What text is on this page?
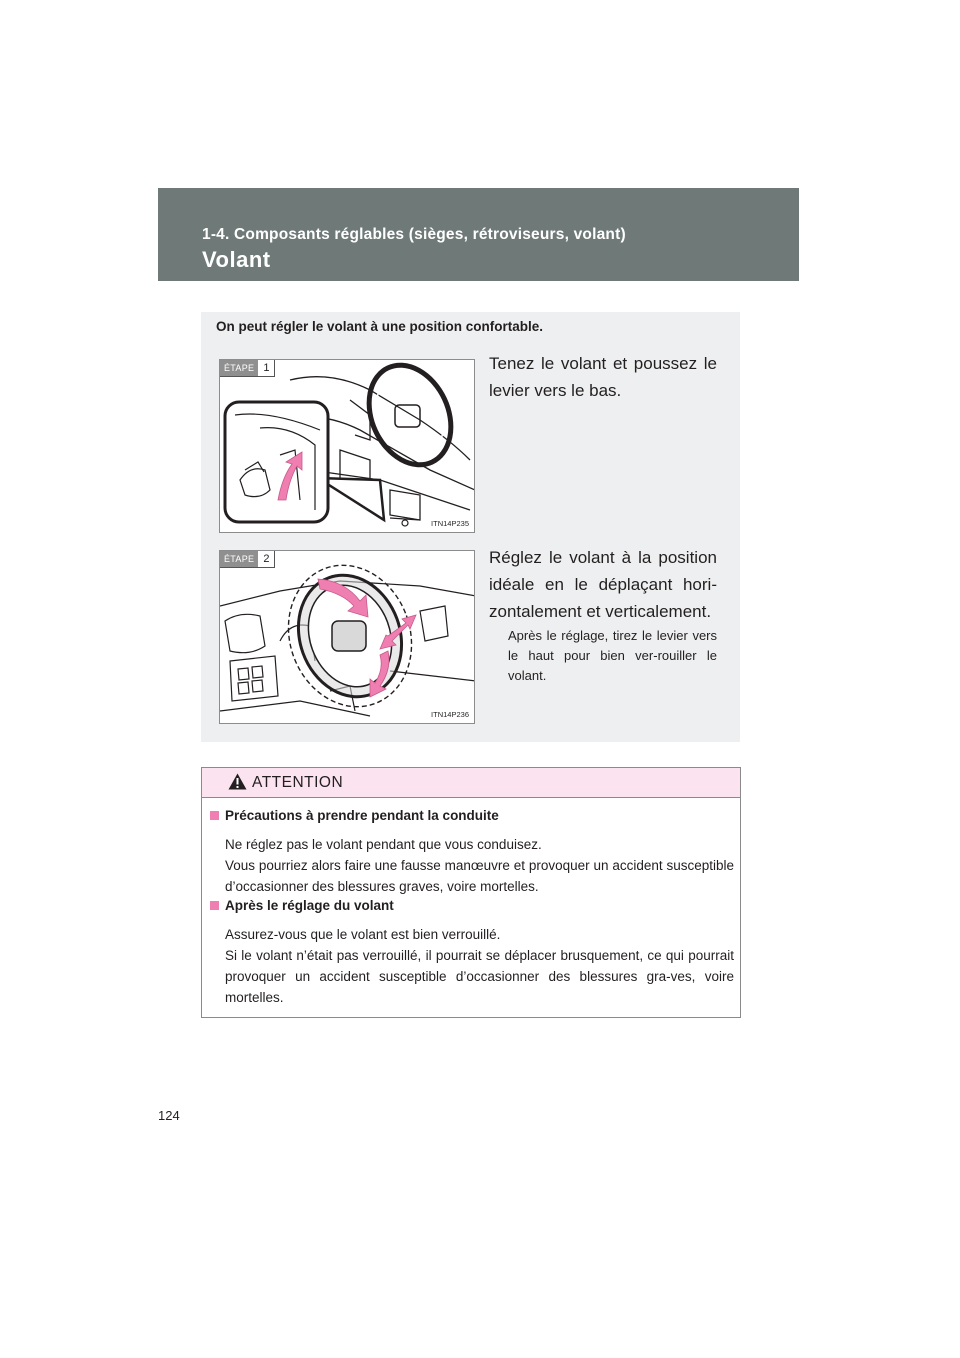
1-4. Composants réglables (sièges, rétroviseurs, volant)
Volant
On peut régler le volant à une position confortable.
ÉTAPE 1
ITN14P235
Tenez le volant et poussez le levier vers le bas.
ÉTAPE 2
ITN14P236
Réglez le volant à la position idéale en le déplaçant hori-zontalement et verticalement.
Après le réglage, tirez le levier vers le haut pour bien ver-rouiller le volant.
ATTENTION
Précautions à prendre pendant la conduite
Ne réglez pas le volant pendant que vous conduisez.
Vous pourriez alors faire une fausse manœuvre et provoquer un accident susceptible d’occasionner des blessures graves, voire mortelles.
Après le réglage du volant
Assurez-vous que le volant est bien verrouillé.
Si le volant n’était pas verrouillé, il pourrait se déplacer brusquement, ce qui pourrait provoquer un accident susceptible d’occasionner des blessures gra-ves, voire mortelles.
124
